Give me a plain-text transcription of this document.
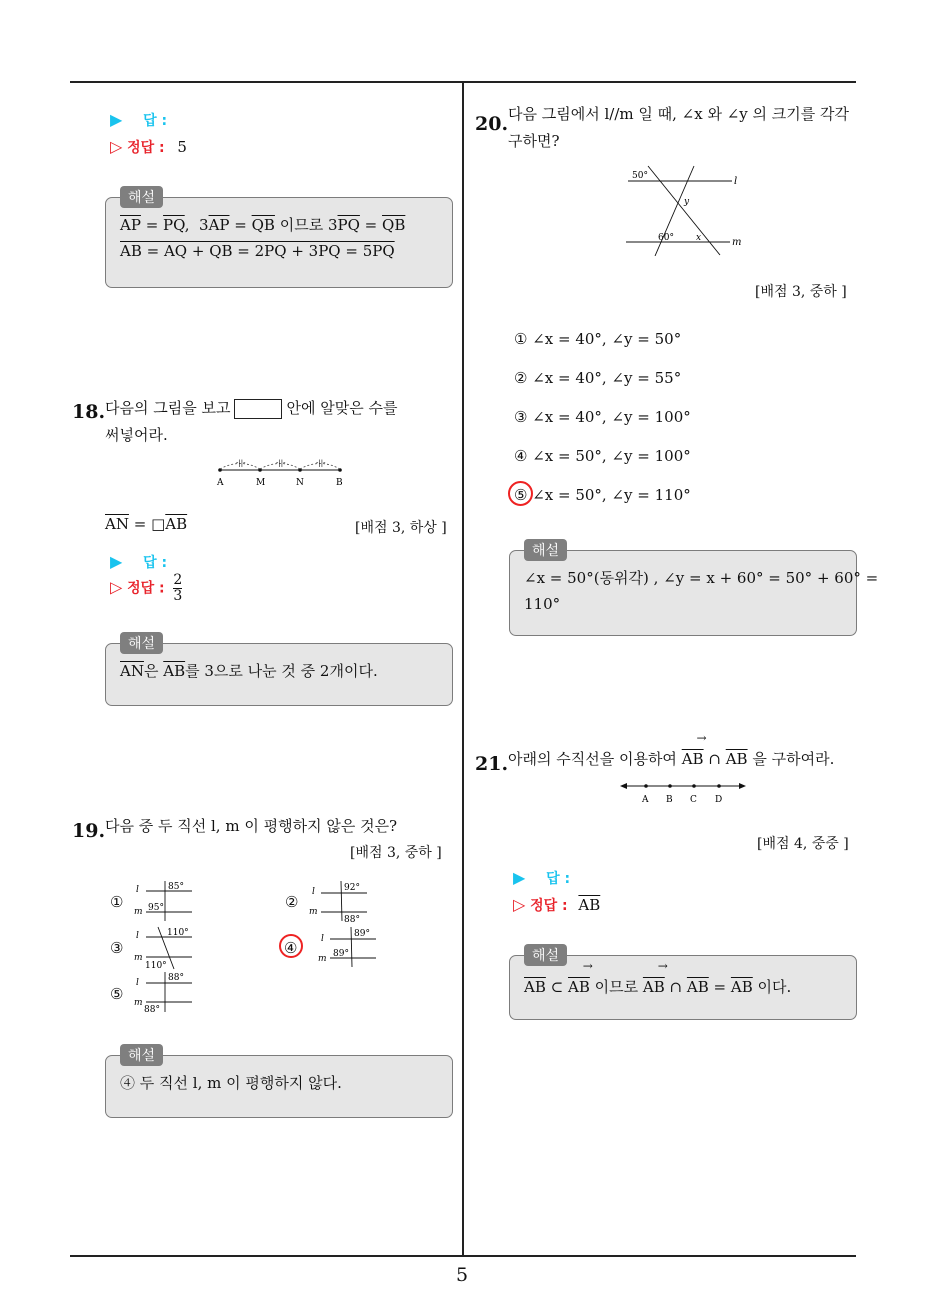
5
▶ 답 :
▷ 정답 : 5
$\overline{AP} = \overline{PQ}$,  $3\overline{AP} = \overline{QB}$ 이므로 $3\overline{PQ} = \overline{QB}$
AB = AQ + QB = 2PQ + 3PQ = 5PQ
해설
18. 다음의 그림을 보고	안에 알맞은 수를
써넣어라.
-||-	-||-	-||-
A	M	N	B
$\overline{AN}$ = $□\overline{AB}$	[배점 3, 하상 ]
▶ 답 :
▷ 정답 : $\frac{2}{3}$
$\overline{AN}$은 $\overline{AB}$를 3으로 나눈 것 중 2개이다.
해설
19. 다음 중 두 직선 l, m 이 평행하지 않은 것은?
[배점 3, 중하 ]
①
l
m
85°
95°	②
l
m
92°
88°
③
l
m
110°
110°
④	l
m
89°
89°
⑤
l
m
88°
88°
④ 두 직선 l, m 이 평행하지 않다.
해설
20. 다음 그림에서 l//m 일 때, ∠x 와 ∠y 의 크기를 각각
구하면?
50°
60°
y
x
l
m
[배점 3, 중하 ]
① ∠x = 40°, ∠y = 50°
② ∠x = 40°, ∠y = 55°
③ ∠x = 40°, ∠y = 100°
④ ∠x = 50°, ∠y = 100°
⑤ ∠x = 50°, ∠y = 110°
∠x = 50°(동위각) , ∠y = x + 60° = 50° + 60° =
110°
해설
21. 아래의 수직선을 이용하여 $\overline{AB}$ → ∩ $\overline{AB}$ 을 구하여라.
A B C D
[배점 4, 중중 ]
▶ 답 :
▷ 정답 : $\overline{AB}$
$\overline{AB}$ ⊂ $\overline{AB}$ → 이므로 $\overline{AB}$ → ∩ $\overline{AB} = \overline{AB}$ 이다.
해설
